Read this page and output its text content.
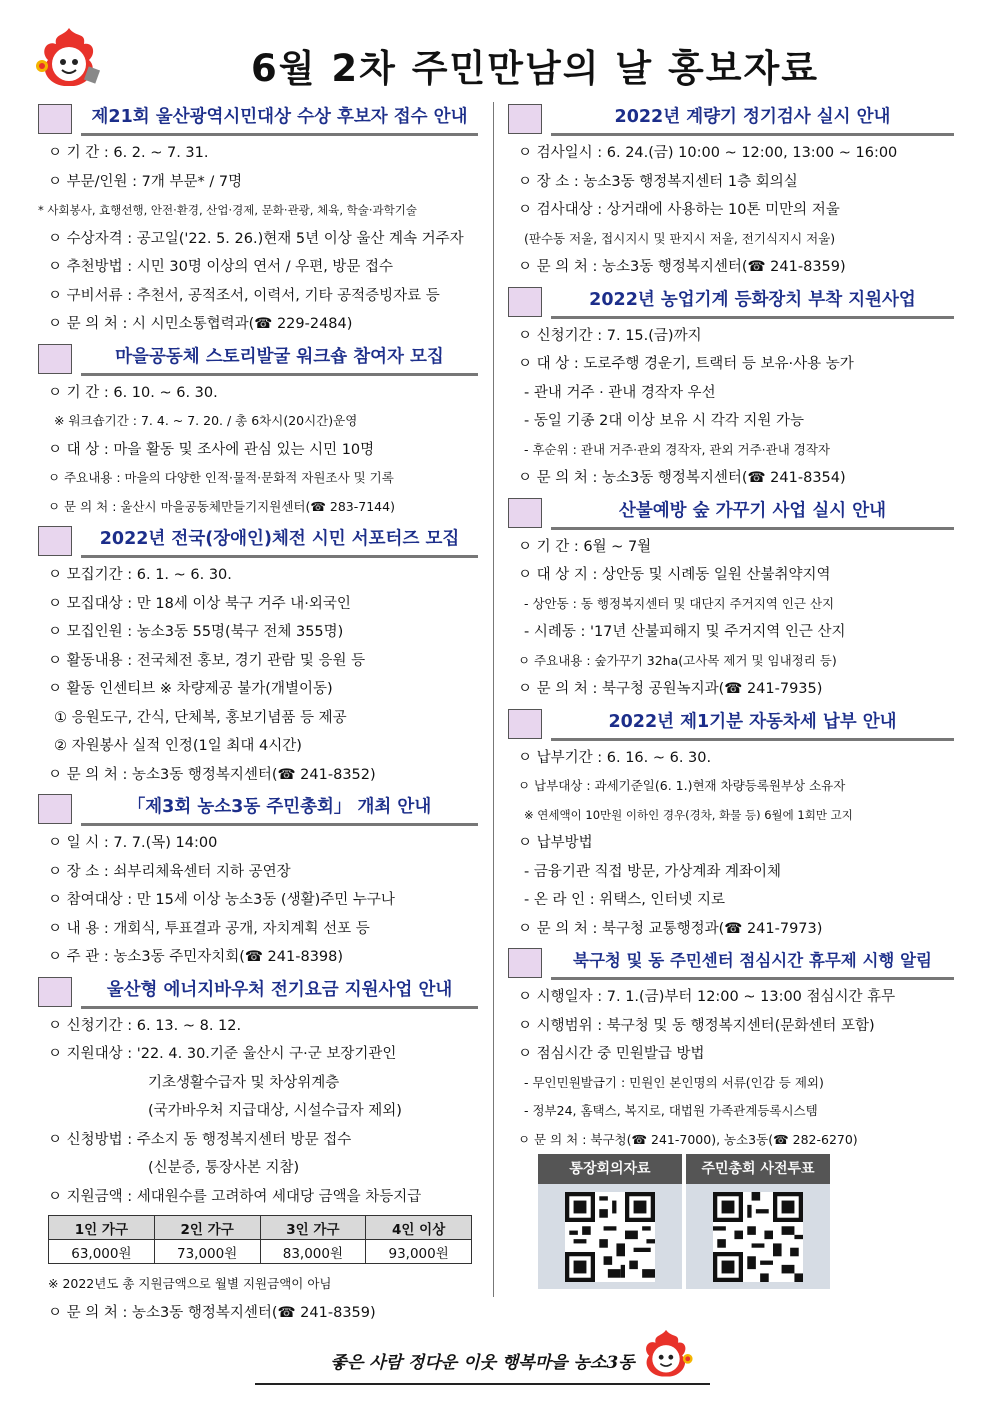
6월 2차 주민만남의 날 홍보자료
제21회 울산광역시민대상 수상 후보자 접수 안내
ㅇ 기 간 : 6. 2. ~ 7. 31.
ㅇ 부문/인원 : 7개 부문* / 7명
* 사회봉사, 효행선행, 안전·환경, 산업·경제, 문화·관광, 체육, 학술·과학기술
ㅇ 수상자격 : 공고일('22. 5. 26.)현재 5년 이상 울산 계속 거주자
ㅇ 추천방법 : 시민 30명 이상의 연서 / 우편, 방문 접수
ㅇ 구비서류 : 추천서, 공적조서, 이력서, 기타 공적증빙자료 등
ㅇ 문 의 처 : 시 시민소통협력과(☎ 229-2484)
마을공동체 스토리발굴 워크숍 참여자 모집
ㅇ 기 간 : 6. 10. ~ 6. 30.
※ 워크숍기간 : 7. 4. ~ 7. 20. / 총 6차시(20시간)운영
ㅇ 대 상 : 마을 활동 및 조사에 관심 있는 시민 10명
ㅇ 주요내용 : 마을의 다양한 인적·물적·문화적 자원조사 및 기록
ㅇ 문 의 처 : 울산시 마을공동체만들기지원센터(☎ 283-7144)
2022년 전국(장애인)체전 시민 서포터즈 모집
ㅇ 모집기간 : 6. 1. ~ 6. 30.
ㅇ 모집대상 : 만 18세 이상 북구 거주 내·외국인
ㅇ 모집인원 : 농소3동 55명(북구 전체 355명)
ㅇ 활동내용 : 전국체전 홍보, 경기 관람 및 응원 등
ㅇ 활동 인센티브 ※ 차량제공 불가(개별이동)
① 응원도구, 간식, 단체복, 홍보기념품 등 제공
② 자원봉사 실적 인정(1일 최대 4시간)
ㅇ 문 의 처 : 농소3동 행정복지센터(☎ 241-8352)
「제3회 농소3동 주민총회」 개최 안내
ㅇ 일 시 : 7. 7.(목) 14:00
ㅇ 장 소 : 쇠부리체육센터 지하 공연장
ㅇ 참여대상 : 만 15세 이상 농소3동 (생활)주민 누구나
ㅇ 내 용 : 개회식, 투표결과 공개, 자치계획 선포 등
ㅇ 주 관 : 농소3동 주민자치회(☎ 241-8398)
울산형 에너지바우처 전기요금 지원사업 안내
ㅇ 신청기간 : 6. 13. ~ 8. 12.
ㅇ 지원대상 : '22. 4. 30.기준 울산시 구·군 보장기관인
기초생활수급자 및 차상위계층
(국가바우처 지급대상, 시설수급자 제외)
ㅇ 신청방법 : 주소지 동 행정복지센터 방문 접수
(신분증, 통장사본 지참)
ㅇ 지원금액 : 세대원수를 고려하여 세대당 금액을 차등지급
1인 가구	2인 가구	3인 가구	4인 이상
63,000원	73,000원	83,000원	93,000원
※ 2022년도 총 지원금액으로 월별 지원금액이 아님
ㅇ 문 의 처 : 농소3동 행정복지센터(☎ 241-8359)
2022년 계량기 정기검사 실시 안내
ㅇ 검사일시 : 6. 24.(금) 10:00 ~ 12:00, 13:00 ~ 16:00
ㅇ 장 소 : 농소3동 행정복지센터 1층 회의실
ㅇ 검사대상 : 상거래에 사용하는 10톤 미만의 저울
(판수동 저울, 접시지시 및 판지시 저울, 전기식지시 저울)
ㅇ 문 의 처 : 농소3동 행정복지센터(☎ 241-8359)
2022년 농업기계 등화장치 부착 지원사업
ㅇ 신청기간 : 7. 15.(금)까지
ㅇ 대 상 : 도로주행 경운기, 트랙터 등 보유·사용 농가
- 관내 거주 · 관내 경작자 우선
- 동일 기종 2대 이상 보유 시 각각 지원 가능
- 후순위 : 관내 거주·관외 경작자, 관외 거주·관내 경작자
ㅇ 문 의 처 : 농소3동 행정복지센터(☎ 241-8354)
산불예방 숲 가꾸기 사업 실시 안내
ㅇ 기 간 : 6월 ~ 7월
ㅇ 대 상 지 : 상안동 및 시례동 일원 산불취약지역
- 상안동 : 동 행정복지센터 및 대단지 주거지역 인근 산지
- 시례동 : '17년 산불피해지 및 주거지역 인근 산지
ㅇ 주요내용 : 숲가꾸기 32ha(고사목 제거 및 임내정리 등)
ㅇ 문 의 처 : 북구청 공원녹지과(☎ 241-7935)
2022년 제1기분 자동차세 납부 안내
ㅇ 납부기간 : 6. 16. ~ 6. 30.
ㅇ 납부대상 : 과세기준일(6. 1.)현재 차량등록원부상 소유자
※ 연세액이 10만원 이하인 경우(경차, 화물 등) 6월에 1회만 고지
ㅇ 납부방법
- 금융기관 직접 방문, 가상계좌 계좌이체
- 온 라 인 : 위택스, 인터넷 지로
ㅇ 문 의 처 : 북구청 교통행정과(☎ 241-7973)
북구청 및 동 주민센터 점심시간 휴무제 시행 알림
ㅇ 시행일자 : 7. 1.(금)부터 12:00 ~ 13:00 점심시간 휴무
ㅇ 시행범위 : 북구청 및 동 행정복지센터(문화센터 포함)
ㅇ 점심시간 중 민원발급 방법
- 무인민원발급기 : 민원인 본인명의 서류(인감 등 제외)
- 정부24, 홈택스, 복지로, 대법원 가족관계등록시스템
ㅇ 문 의 처 : 북구청(☎ 241-7000), 농소3동(☎ 282-6270)
통장회의자료	주민총회 사전투표
좋은 사람 정다운 이웃 행복마을 농소3동
